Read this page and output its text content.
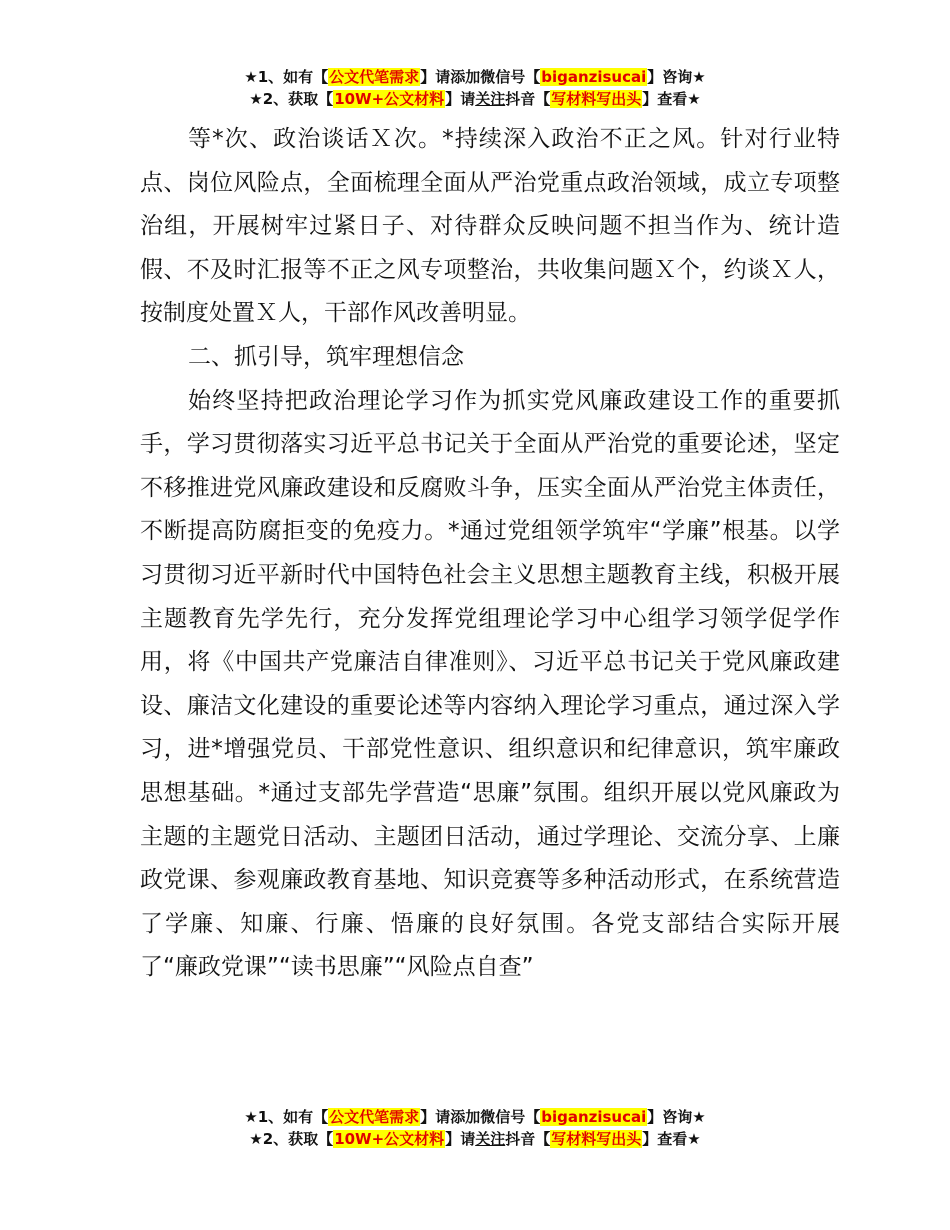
★1、如有【公文代笔需求】请添加微信号【biganzisucai】咨询★
★2、获取【10W+公文材料】请关注抖音【写材料写出头】查看★

等*次、政治谈话Ｘ次。*持续深入政治不正之风。针对行业特点、岗位风险点，全面梳理全面从严治党重点政治领域，成立专项整治组，开展树牢过紧日子、对待群众反映问题不担当作为、统计造假、不及时汇报等不正之风专项整治，共收集问题Ｘ个，约谈Ｘ人，按制度处置Ｘ人，干部作风改善明显。

二、抓引导，筑牢理想信念

始终坚持把政治理论学习作为抓实党风廉政建设工作的重要抓手，学习贯彻落实习近平总书记关于全面从严治党的重要论述，坚定不移推进党风廉政建设和反腐败斗争，压实全面从严治党主体责任，不断提高防腐拒变的免疫力。*通过党组领学筑牢“学廉”根基。以学习贯彻习近平新时代中国特色社会主义思想主题教育主线，积极开展主题教育先学先行，充分发挥党组理论学习中心组学习领学促学作用，将《中国共产党廉洁自律准则》、习近平总书记关于党风廉政建设、廉洁文化建设的重要论述等内容纳入理论学习重点，通过深入学习，进*增强党员、干部党性意识、组织意识和纪律意识，筑牢廉政思想基础。*通过支部先学营造“思廉”氛围。组织开展以党风廉政为主题的主题党日活动、主题团日活动，通过学理论、交流分享、上廉政党课、参观廉政教育基地、知识竞赛等多种活动形式，在系统营造了学廉、知廉、行廉、悟廉的良好氛围。各党支部结合实际开展了“廉政党课”“读书思廉”“风险点自查”

★1、如有【公文代笔需求】请添加微信号【biganzisucai】咨询★
★2、获取【10W+公文材料】请关注抖音【写材料写出头】查看★
